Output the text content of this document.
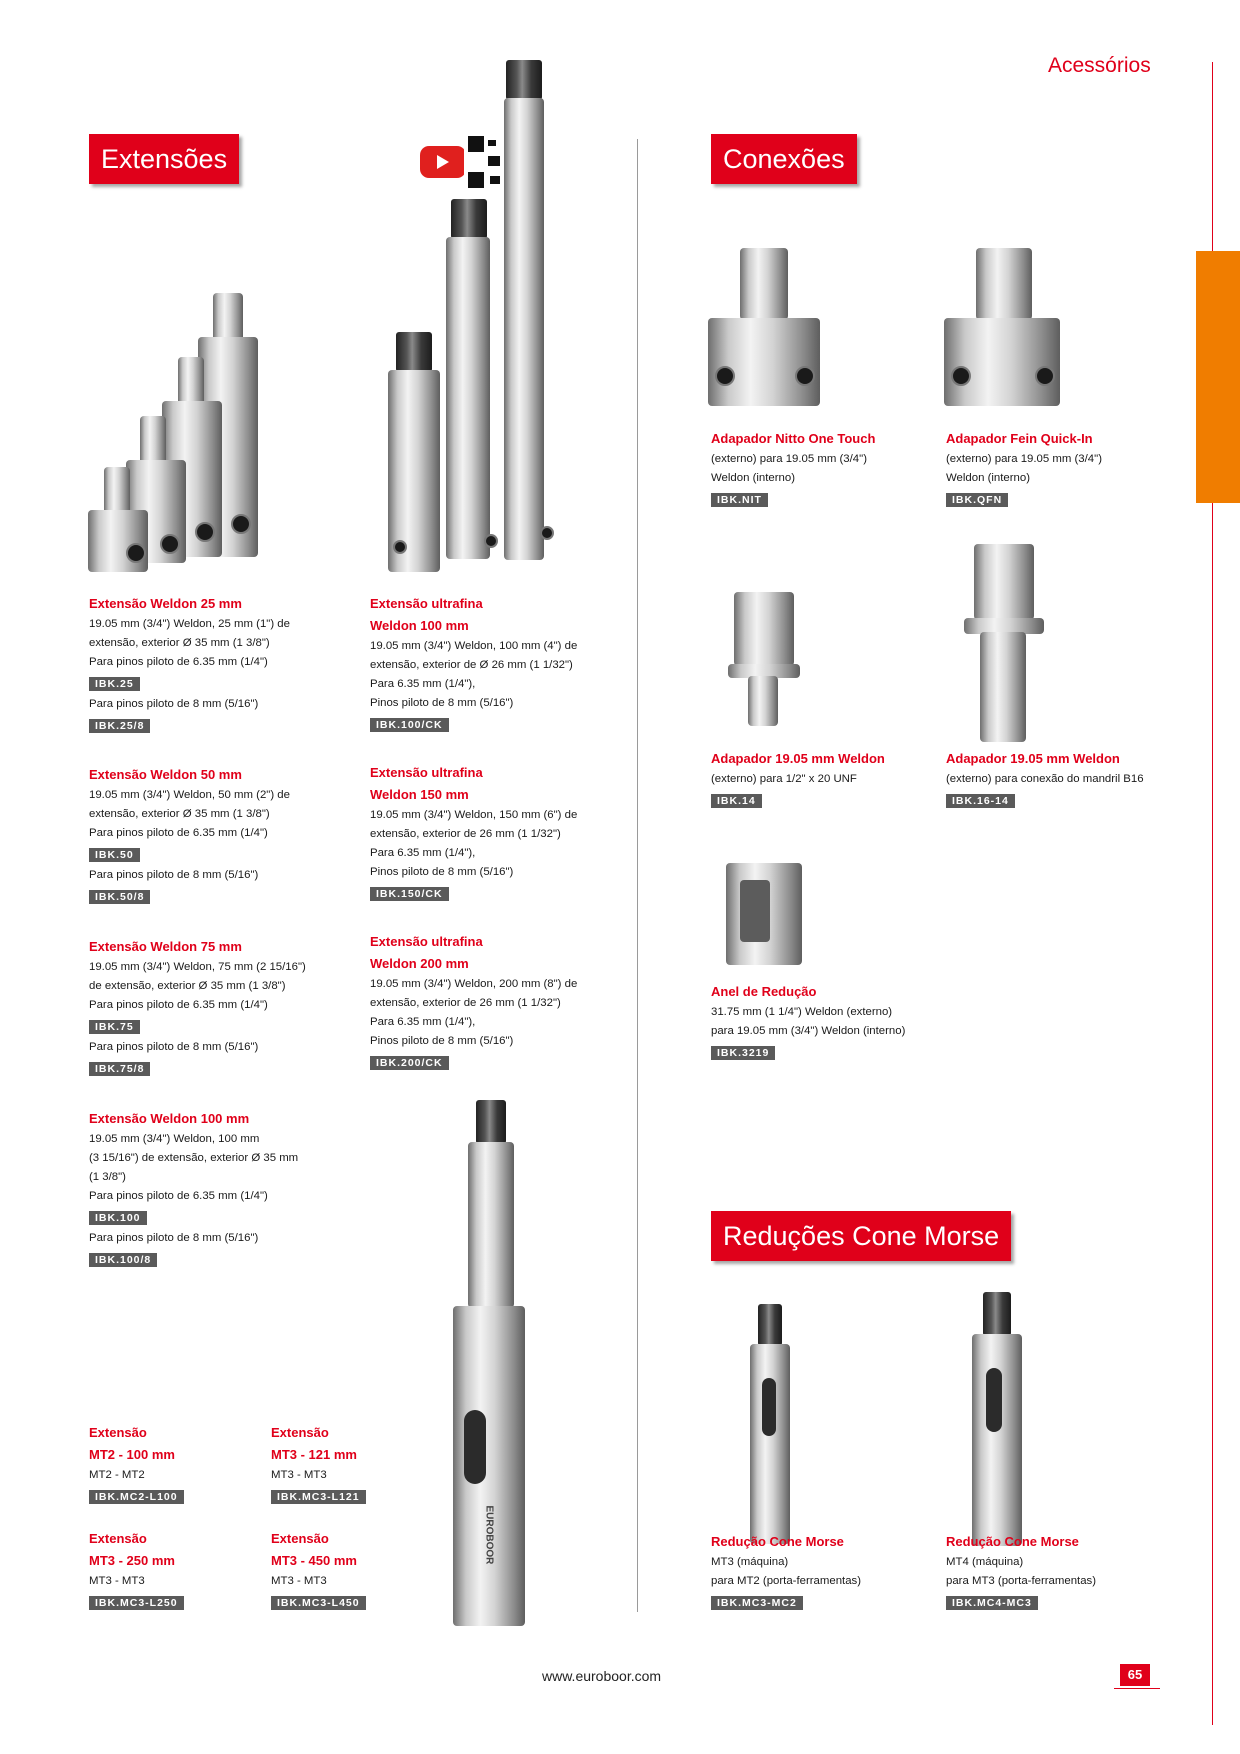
Acessórios
Extensões	Conexões
Reduções Cone Morse
EUROBOOR
Extensão Weldon 25 mm
19.05 mm (3/4") Weldon, 25 mm (1") de
extensão, exterior Ø 35 mm (1 3/8")
Para pinos piloto de 6.35 mm (1/4")
IBK.25
Para pinos piloto de 8 mm (5/16")
IBK.25/8
Extensão Weldon 50 mm
19.05 mm (3/4") Weldon, 50 mm (2") de
extensão, exterior Ø 35 mm (1 3/8")
Para pinos piloto de 6.35 mm (1/4")
IBK.50
Para pinos piloto de 8 mm (5/16")
IBK.50/8
Extensão Weldon 75 mm
19.05 mm (3/4") Weldon, 75 mm (2 15/16")
de extensão, exterior Ø 35 mm (1 3/8")
Para pinos piloto de 6.35 mm (1/4")
IBK.75
Para pinos piloto de 8 mm (5/16")
IBK.75/8
Extensão Weldon 100 mm
19.05 mm (3/4") Weldon, 100 mm
(3 15/16") de extensão, exterior Ø 35 mm
(1 3/8")
Para pinos piloto de 6.35 mm (1/4")
IBK.100
Para pinos piloto de 8 mm (5/16")
IBK.100/8
Extensão ultrafina
Weldon 100 mm
19.05 mm (3/4") Weldon, 100 mm (4") de
extensão, exterior de Ø 26 mm (1 1/32")
Para 6.35 mm (1/4"),
Pinos piloto de 8 mm (5/16")
IBK.100/CK
Extensão ultrafina
Weldon 150 mm
19.05 mm (3/4") Weldon, 150 mm (6") de
extensão, exterior de 26 mm (1 1/32")
Para 6.35 mm (1/4"),
Pinos piloto de 8 mm (5/16")
IBK.150/CK
Extensão ultrafina
Weldon 200 mm
19.05 mm (3/4") Weldon, 200 mm (8") de
extensão, exterior de 26 mm (1 1/32")
Para 6.35 mm (1/4"),
Pinos piloto de 8 mm (5/16")
IBK.200/CK
Extensão
MT2 - 100 mm
MT2 - MT2
IBK.MC2-L100
Extensão
MT3 - 121 mm
MT3 - MT3
IBK.MC3-L121
Extensão
MT3 - 250 mm
MT3 - MT3
IBK.MC3-L250
Extensão
MT3 - 450 mm
MT3 - MT3
IBK.MC3-L450
Adapador Nitto One Touch
(externo) para 19.05 mm (3/4")
Weldon (interno)
IBK.NIT
Adapador Fein Quick-In
(externo) para 19.05 mm (3/4")
Weldon (interno)
IBK.QFN
Adapador 19.05 mm Weldon
(externo) para 1/2" x 20 UNF
IBK.14
Adapador 19.05 mm Weldon
(externo) para conexão do mandril B16
IBK.16-14
Anel de Redução
31.75 mm (1 1/4") Weldon (externo)
para 19.05 mm (3/4") Weldon (interno)
IBK.3219
Redução Cone Morse
MT3 (máquina)
para MT2 (porta-ferramentas)
IBK.MC3-MC2
Redução Cone Morse
MT4 (máquina)
para MT3 (porta-ferramentas)
IBK.MC4-MC3
www.euroboor.com	65
